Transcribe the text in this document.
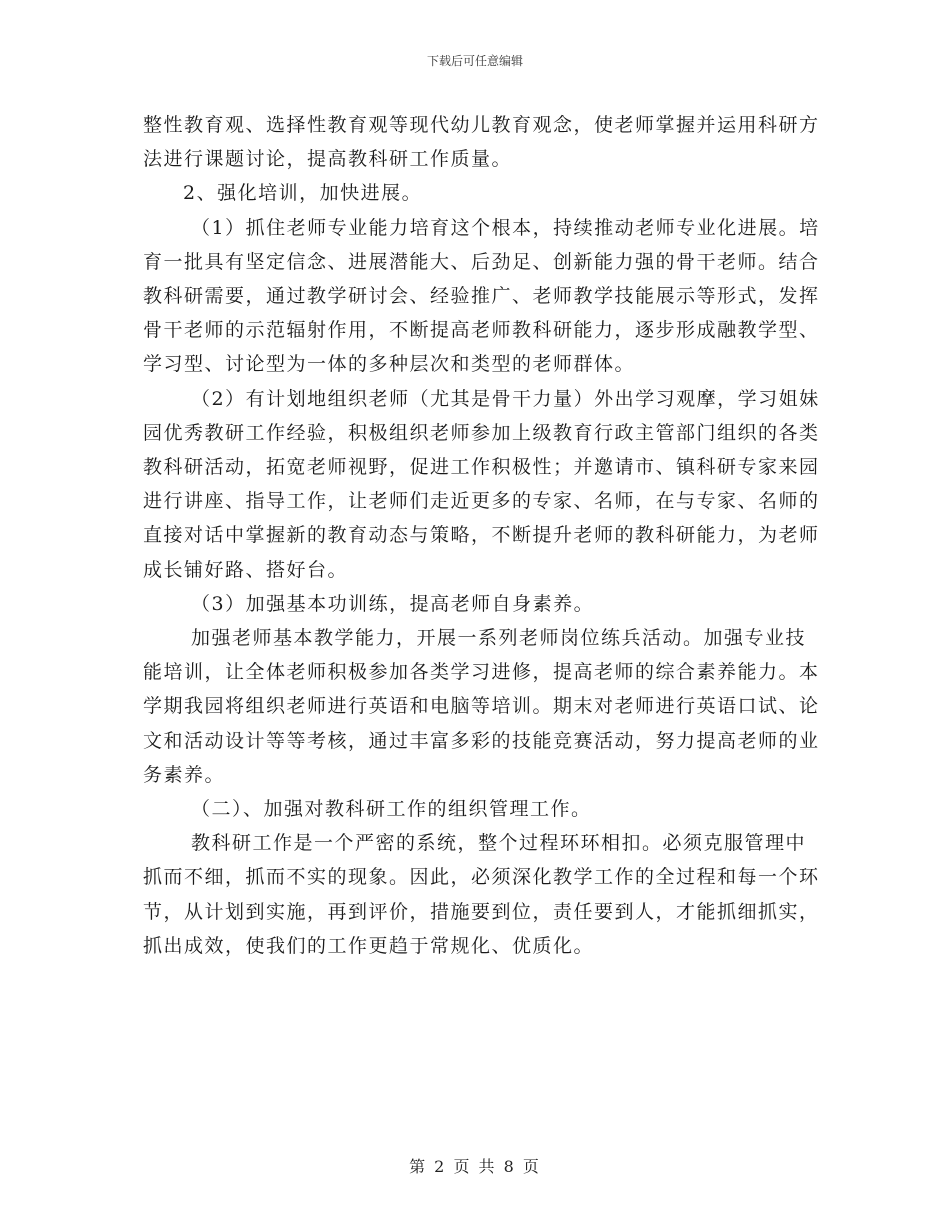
下载后可任意编辑

整性教育观、选择性教育观等现代幼儿教育观念，使老师掌握并运用科研方法进行课题讨论，提高教科研工作质量。

2、强化培训，加快进展。

（1）抓住老师专业能力培育这个根本，持续推动老师专业化进展。培育一批具有坚定信念、进展潜能大、后劲足、创新能力强的骨干老师。结合教科研需要，通过教学研讨会、经验推广、老师教学技能展示等形式，发挥骨干老师的示范辐射作用，不断提高老师教科研能力，逐步形成融教学型、学习型、讨论型为一体的多种层次和类型的老师群体。

（2）有计划地组织老师（尤其是骨干力量）外出学习观摩，学习姐妹园优秀教研工作经验，积极组织老师参加上级教育行政主管部门组织的各类教科研活动，拓宽老师视野，促进工作积极性；并邀请市、镇科研专家来园进行讲座、指导工作，让老师们走近更多的专家、名师，在与专家、名师的直接对话中掌握新的教育动态与策略，不断提升老师的教科研能力，为老师成长铺好路、搭好台。

（3）加强基本功训练，提高老师自身素养。

加强老师基本教学能力，开展一系列老师岗位练兵活动。加强专业技能培训，让全体老师积极参加各类学习进修，提高老师的综合素养能力。本学期我园将组织老师进行英语和电脑等培训。期末对老师进行英语口试、论文和活动设计等等考核，通过丰富多彩的技能竞赛活动，努力提高老师的业务素养。

（二）、加强对教科研工作的组织管理工作。

教科研工作是一个严密的系统，整个过程环环相扣。必须克服管理中抓而不细，抓而不实的现象。因此，必须深化教学工作的全过程和每一个环节，从计划到实施，再到评价，措施要到位，责任要到人，才能抓细抓实，抓出成效，使我们的工作更趋于常规化、优质化。

第 2 页 共 8 页
